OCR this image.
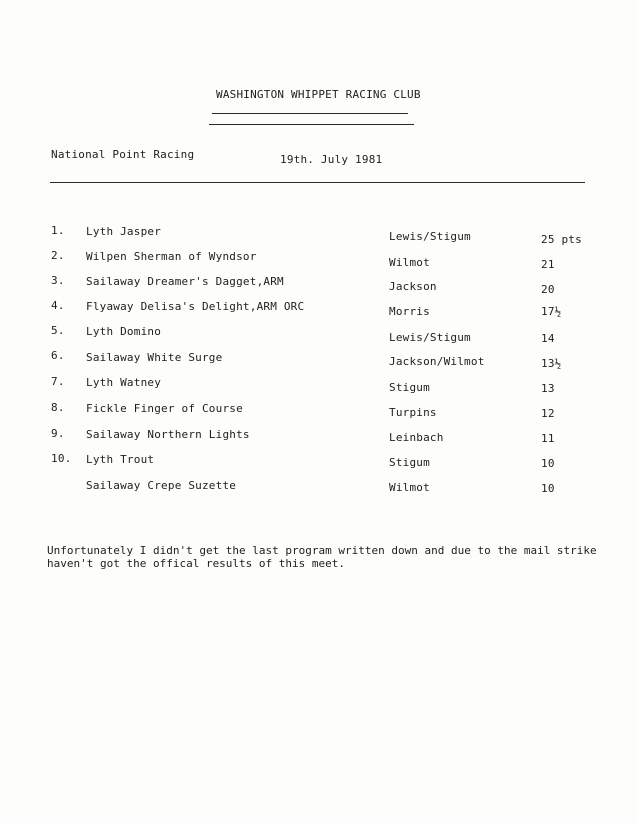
WASHINGTON WHIPPET RACING CLUB
National Point Racing	19th. July 1981
1. Lyth Jasper	Lewis/Stigum	25 pts
2. Wilpen Sherman of Wyndsor	Wilmot	21
3. Sailaway Dreamer's Dagget,ARM	Jackson	20
4. Flyaway Delisa's Delight,ARM ORC	Morris	17½
5. Lyth Domino	Lewis/Stigum	14
6. Sailaway White Surge	Jackson/Wilmot	13½
7. Lyth Watney	Stigum	13
8. Fickle Finger of Course	Turpins	12
9. Sailaway Northern Lights	Leinbach	11
10. Lyth Trout	Stigum	10
Sailaway Crepe Suzette	Wilmot	10
Unfortunately I didn't get the last program written down and due to the mail strike
haven't got the offical results of this meet.
